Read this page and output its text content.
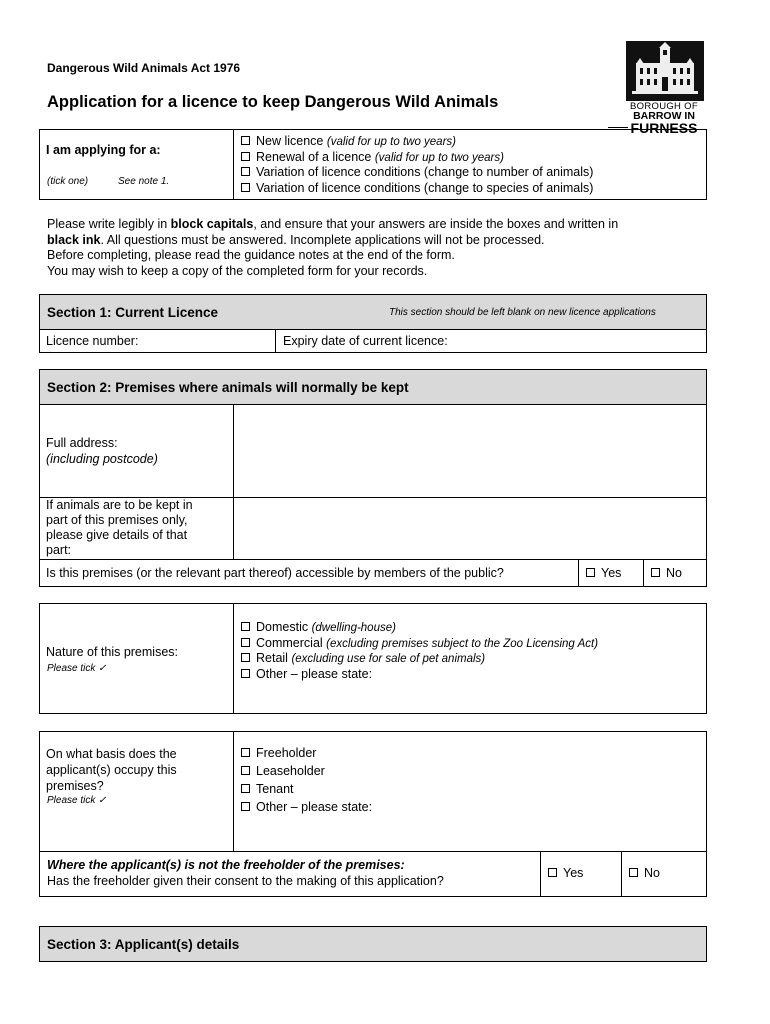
Dangerous Wild Animals Act 1976
Application for a licence to keep Dangerous Wild Animals	BOROUGH OF
BARROW IN
FURNESS
I am applying for a:
(tick one)	See note 1.
New licence (valid for up to two years)
Renewal of a licence (valid for up to two years)
Variation of licence conditions (change to number of animals)
Variation of licence conditions (change to species of animals)
Please write legibly in block capitals, and ensure that your answers are inside the boxes and written in
black ink. All questions must be answered. Incomplete applications will not be processed.
Before completing, please read the guidance notes at the end of the form.
You may wish to keep a copy of the completed form for your records.
Section 1: Current Licence	This section should be left blank on new licence applications
Licence number:	Expiry date of current licence:
Section 2: Premises where animals will normally be kept
Full address:
(including postcode)
If animals are to be kept in
part of this premises only,
please give details of that
part:
Is this premises (or the relevant part thereof) accessible by members of the public?	Yes	No
Nature of this premises:
Please tick ✓
Domestic (dwelling-house)
Commercial (excluding premises subject to the Zoo Licensing Act)
Retail (excluding use for sale of pet animals)
Other – please state:
On what basis does the
applicant(s) occupy this
premises?
Please tick ✓
Freeholder
Leaseholder
Tenant
Other – please state:
Where the applicant(s) is not the freeholder of the premises:
Has the freeholder given their consent to the making of this application?
Yes	No
Section 3: Applicant(s) details
